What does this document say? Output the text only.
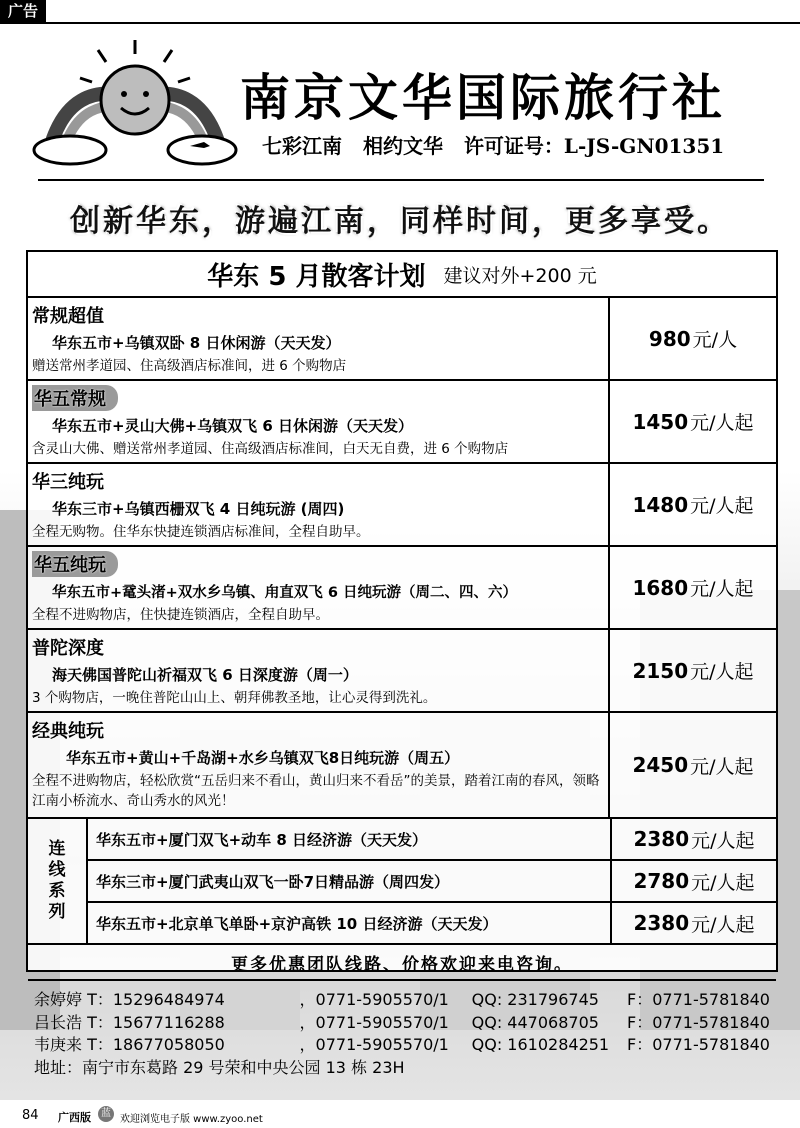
广告
南京文华国际旅行社
七彩江南 相约文华 许可证号：L-JS-GN01351
创新华东，游遍江南，同样时间，更多享受。
华东 5 月散客计划 建议对外+200 元
常规超值
华东五市+乌镇双卧 8 日休闲游（天天发）
赠送常州孝道园、住高级酒店标准间，进 6 个购物店
980 元/人
华五常规
华东五市+灵山大佛+乌镇双飞 6 日休闲游（天天发）
含灵山大佛、赠送常州孝道园、住高级酒店标准间，白天无自费，进 6 个购物店
1450 元/人起
华三纯玩
华东三市+乌镇西栅双飞 4 日纯玩游 (周四)
全程无购物。住华东快捷连锁酒店标准间，全程自助早。
1480 元/人起
华五纯玩
华东五市+鼋头渚+双水乡乌镇、甪直双飞 6 日纯玩游（周二、四、六）
全程不进购物店，住快捷连锁酒店，全程自助早。
1680 元/人起
普陀深度
海天佛国普陀山祈福双飞 6 日深度游（周一）
3 个购物店，一晚住普陀山山上、朝拜佛教圣地，让心灵得到洗礼。
2150 元/人起
经典纯玩
华东五市+黄山+千岛湖+水乡乌镇双飞8日纯玩游（周五）
全程不进购物店，轻松欣赏“五岳归来不看山，黄山归来不看岳”的美景，踏着江南的春风，领略江南小桥流水、奇山秀水的风光！
2450 元/人起
连
线
系
列
华东五市+厦门双飞+动车 8 日经济游（天天发）	2380 元/人起
华东三市+厦门武夷山双飞一卧7日精品游（周四发）	2780 元/人起
华东五市+北京单飞单卧+京沪高铁 10 日经济游（天天发）	2380 元/人起
更多优惠团队线路、价格欢迎来电咨询。
余婷婷 T：15296484974	，0771-5905570/1	QQ: 231796745	F：0771-5781840
吕长浩 T：15677116288	，0771-5905570/1	QQ: 447068705	F：0771-5781840
韦庚来 T：18677058050	，0771-5905570/1	QQ: 1610284251	F：0771-5781840
地址：南宁市东葛路 29 号荣和中央公园 13 栋 23H
84 广西版	蓝
欢迎浏览电子版 www.zyoo.net
